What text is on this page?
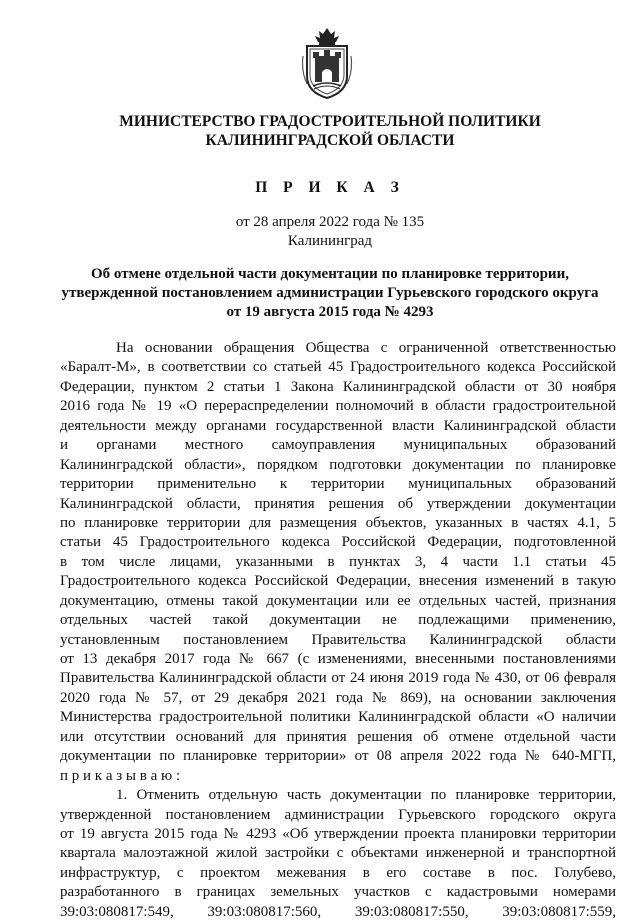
МИНИСТЕРСТВО ГРАДОСТРОИТЕЛЬНОЙ ПОЛИТИКИ
КАЛИНИНГРАДСКОЙ ОБЛАСТИ
П Р И К А З
от 28 апреля 2022 года № 135
Калининград
Об отмене отдельной части документации по планировке территории,
утвержденной постановлением администрации Гурьевского городского округа
от 19 августа 2015 года № 4293
На основании обращения Общества с ограниченной ответственностью
«Баралт-М», в соответствии со статьей 45 Градостроительного кодекса Российской
Федерации, пунктом 2 статьи 1 Закона Калининградской области от 30 ноября
2016 года № 19 «О перераспределении полномочий в области градостроительной
деятельности между органами государственной власти Калининградской области
и органами местного самоуправления муниципальных образований
Калининградской области», порядком подготовки документации по планировке
территории применительно к территории муниципальных образований
Калининградской области, принятия решения об утверждении документации
по планировке территории для размещения объектов, указанных в частях 4.1, 5
статьи 45 Градостроительного кодекса Российской Федерации, подготовленной
в том числе лицами, указанными в пунктах 3, 4 части 1.1 статьи 45
Градостроительного кодекса Российской Федерации, внесения изменений в такую
документацию, отмены такой документации или ее отдельных частей, признания
отдельных частей такой документации не подлежащими применению,
установленным постановлением Правительства Калининградской области
от 13 декабря 2017 года № 667 (с изменениями, внесенными постановлениями
Правительства Калининградской области от 24 июня 2019 года № 430, от 06 февраля
2020 года № 57, от 29 декабря 2021 года № 869), на основании заключения
Министерства градостроительной политики Калининградской области «О наличии
или отсутствии оснований для принятия решения об отмене отдельной части
документации по планировке территории» от 08 апреля 2022 года № 640-МГП,
п р и к а з ы в а ю :
1. Отменить отдельную часть документации по планировке территории,
утвержденной постановлением администрации Гурьевского городского округа
от 19 августа 2015 года № 4293 «Об утверждении проекта планировки территории
квартала малоэтажной жилой застройки с объектами инженерной и транспортной
инфраструктур, с проектом межевания в его составе в пос. Голубево,
разработанного в границах земельных участков с кадастровыми номерами
39:03:080817:549, 39:03:080817:560, 39:03:080817:550, 39:03:080817:559,
